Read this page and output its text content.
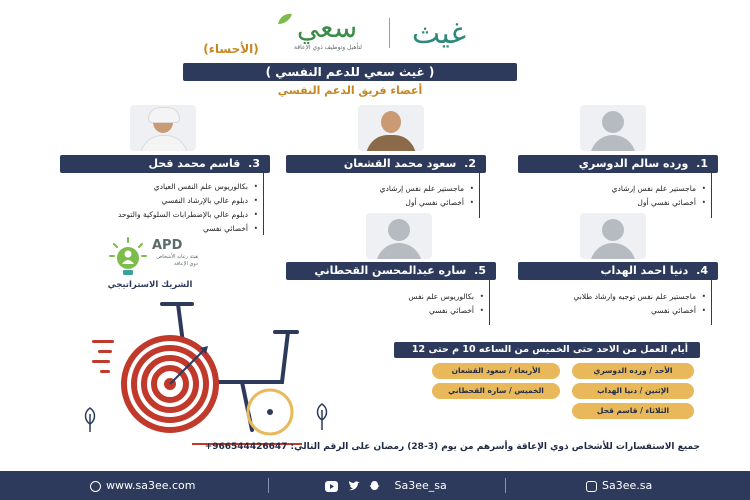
غيث
سعي
لتأهيل وتوظيف ذوي الإعاقة
(الأحساء)
( غيث سعي للدعم النفسي )
أعضاء فريق الدعم النفسي
1. ورده سالم الدوسري
• ماجستير علم نفس إرشادي
• أخصائي نفسي أول
2. سعود محمد القشعان
• ماجستير علم نفس إرشادي
• أخصائي نفسي أول
3. قاسم محمد قحل
• بكالوريوس علم النفس العيادي
• دبلوم عالي بالإرشاد النفسي
• دبلوم عالي بالإضطرابات السلوكية والتوحد
• أخصائي نفسي
4. دنيا احمد الهداب
• ماجستير علم نفس توجيه وارشاد طلابي
• أخصائي نفسي
5. ساره عبدالمحسن القحطاني
• بكالوريوس علم نفس
• أخصائي نفسي
APD
هيئة رعاية الأشخاص ذوي الإعاقة
الشريك الاستراتيجي
أيام العمل من الاحد حتى الخميس من الساعه 10 م حتى 12
الأحد / ورده الدوسري
الأربعاء / سعود القشعان
الإثنين / دنيا الهداب
الخميس / ساره القحطاني
الثلاثاء / قاسم قحل
جميع الاستفسارات للأشخاص ذوي الإعاقة وأسرهم من يوم (3-28) رمضان على الرقم التالي: +966544426647
www.sa3ee.com	Sa3ee_sa	Sa3ee.sa
